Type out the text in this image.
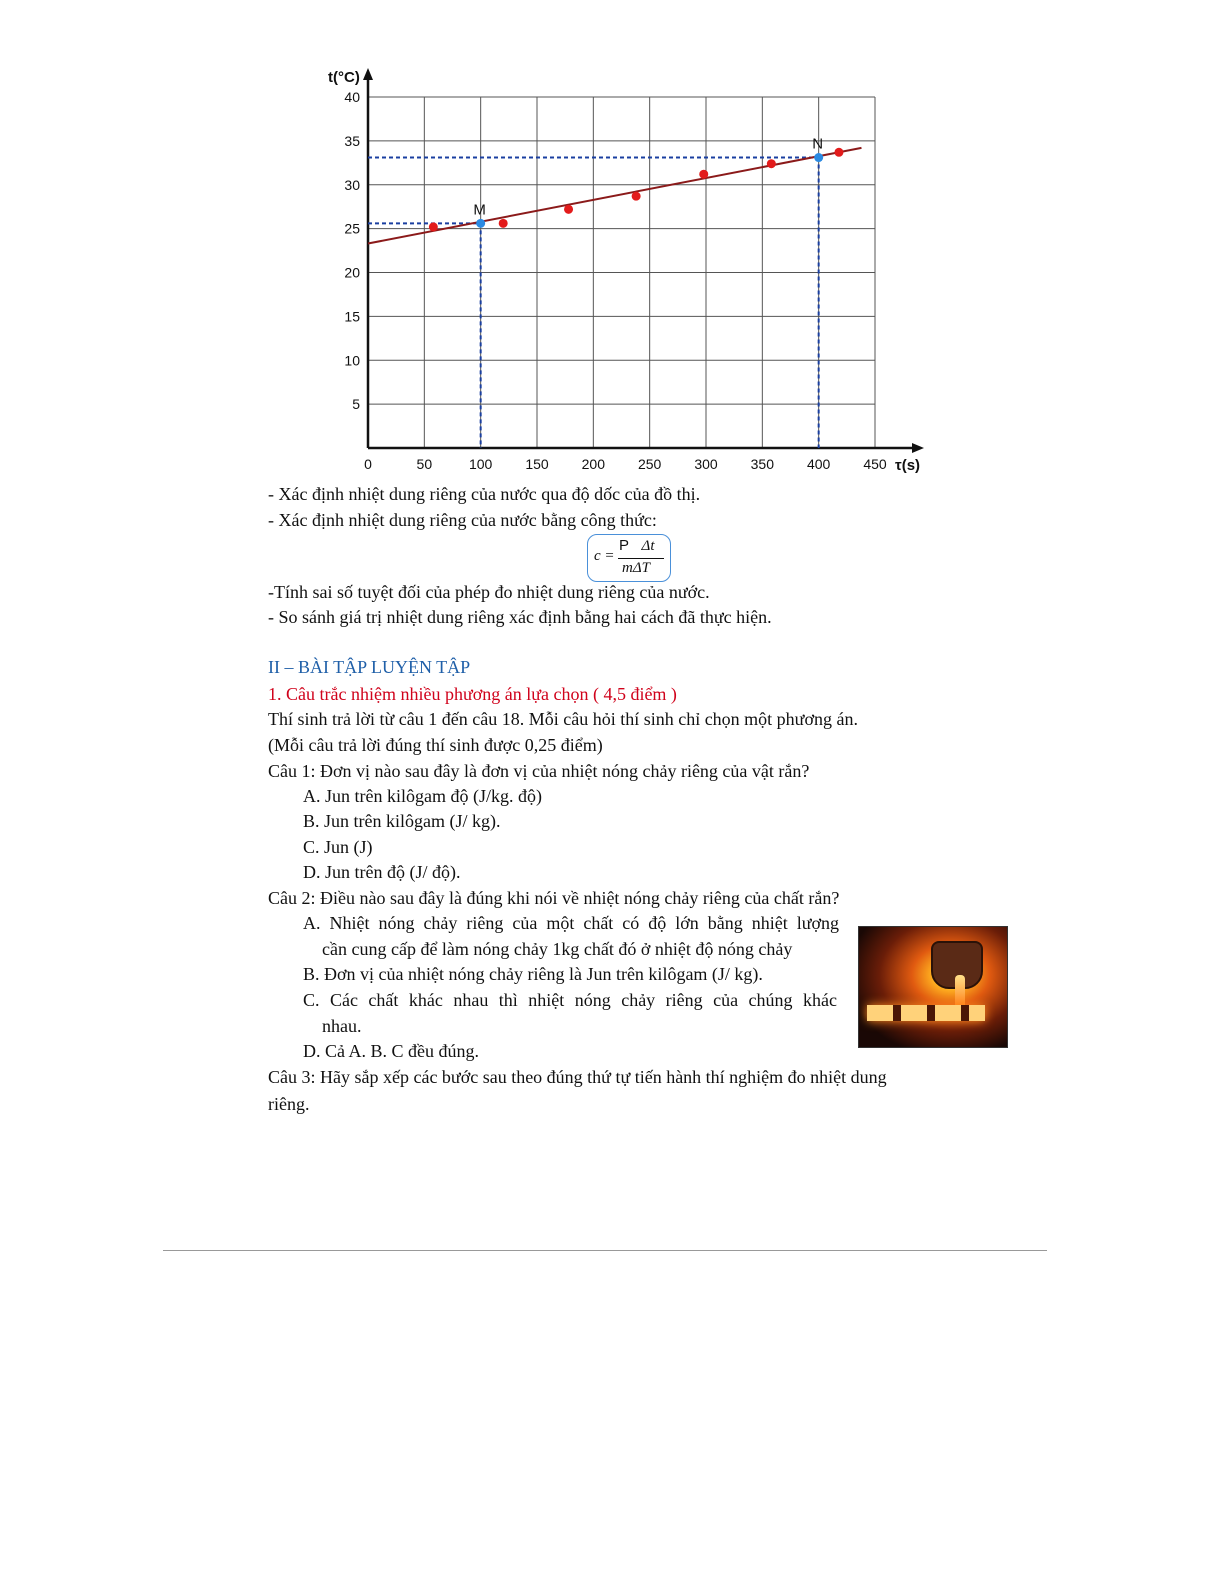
0	50	100 150 200 250 300 350 400 450
5
10
15
20
25
30
35
40
t(°C)
τ(s)
M
N
- Xác định nhiệt dung riêng của nước qua độ dốc của đồ thị.
- Xác định nhiệt dung riêng của nước bằng công thức:
c =
P Δt
mΔT
-Tính sai số tuyệt đối của phép đo nhiệt dung riêng của nước.
- So sánh giá trị nhiệt dung riêng xác định bằng hai cách đã thực hiện.
II – BÀI TẬP LUYỆN TẬP
1. Câu trắc nhiệm nhiều phương án lựa chọn ( 4,5 điểm )
Thí sinh trả lời từ câu 1 đến câu 18. Mỗi câu hỏi thí sinh chỉ chọn một phương án.
(Mỗi câu trả lời đúng thí sinh được 0,25 điểm)
Câu 1: Đơn vị nào sau đây là đơn vị của nhiệt nóng chảy riêng của vật rắn?
A. Jun trên kilôgam độ (J/kg. độ)
B. Jun trên kilôgam (J/ kg).
C. Jun (J)
D. Jun trên độ (J/ độ).
Câu 2: Điều nào sau đây là đúng khi nói về nhiệt nóng chảy riêng của chất rắn?
A. Nhiệt nóng chảy riêng của một chất có độ lớn bằng nhiệt lượng
cần cung cấp để làm nóng chảy 1kg chất đó ở nhiệt độ nóng chảy
B. Đơn vị của nhiệt nóng chảy riêng là Jun trên kilôgam (J/ kg).
C. Các chất khác nhau thì nhiệt nóng chảy riêng của chúng khác
nhau.
D. Cả A. B. C đều đúng.
Câu 3: Hãy sắp xếp các bước sau theo đúng thứ tự tiến hành thí nghiệm đo nhiệt dung
riêng.
